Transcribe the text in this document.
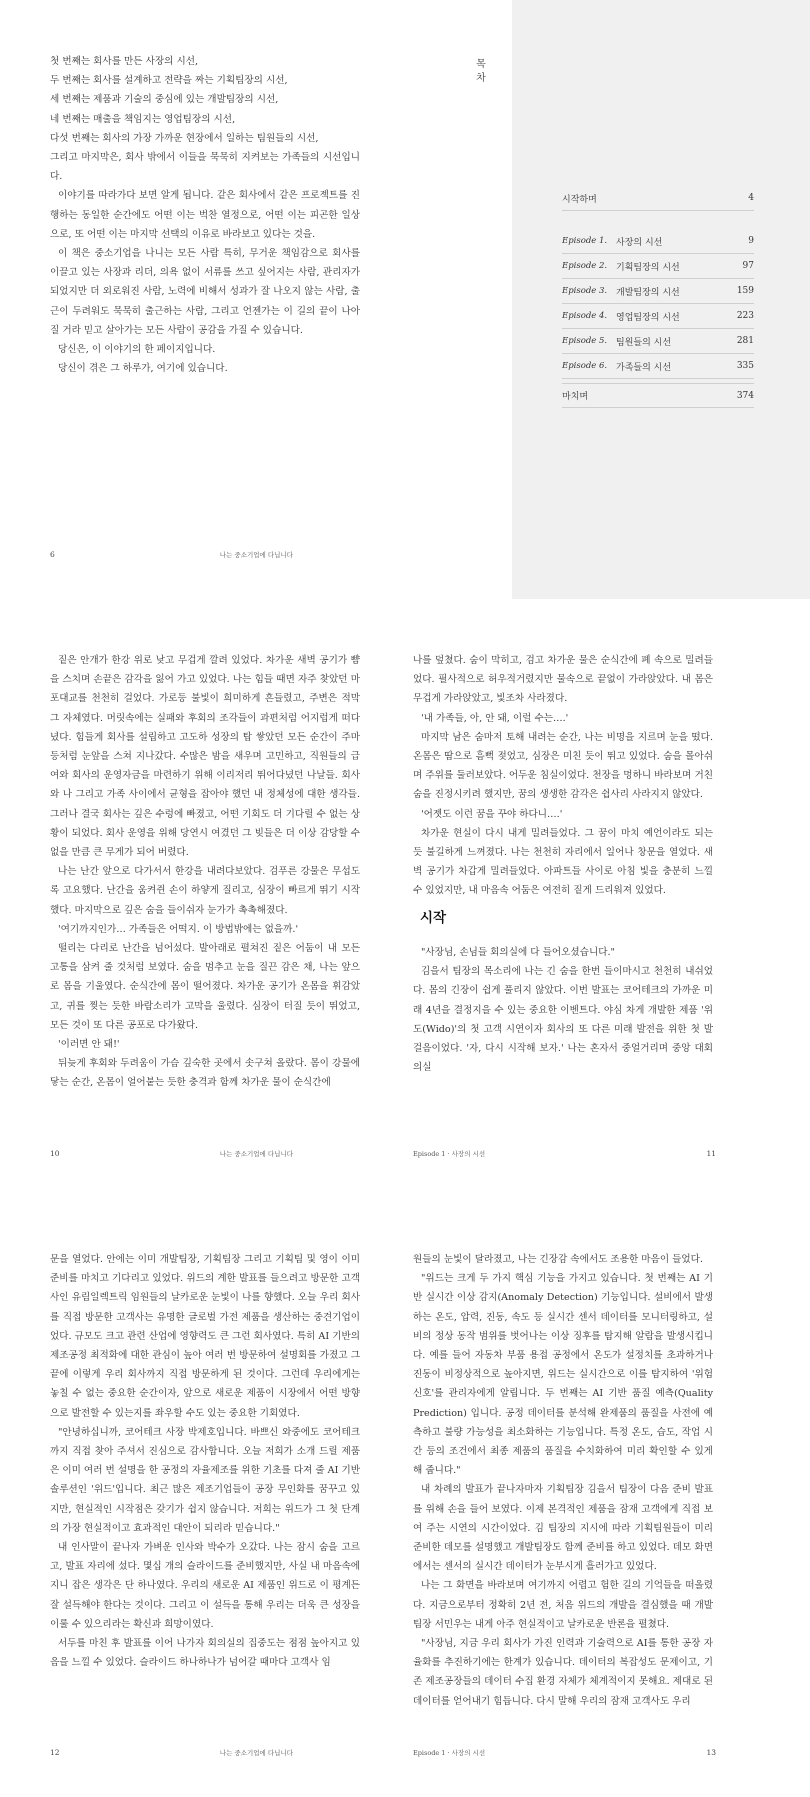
첫 번째는 회사를 만든 사장의 시선,

두 번째는 회사를 설계하고 전략을 짜는 기획팀장의 시선,

세 번째는 제품과 기술의 중심에 있는 개발팀장의 시선,

네 번째는 매출을 책임지는 영업팀장의 시선,

다섯 번째는 회사의 가장 가까운 현장에서 일하는 팀원들의 시선,

그리고 마지막은, 회사 밖에서 이들을 묵묵히 지켜보는 가족들의 시선입니다.

이야기를 따라가다 보면 알게 됩니다. 같은 회사에서 같은 프로젝트를 진행하는 동일한 순간에도 어떤 이는 벅찬 열정으로, 어떤 이는 피곤한 일상으로, 또 어떤 이는 마지막 선택의 이유로 바라보고 있다는 것을.

이 책은 중소기업을 나니는 모든 사람 특히, 무거운 책임감으로 회사를 이끌고 있는 사장과 리더, 의욕 없이 서류를 쓰고 싶어지는 사람, 관리자가 되었지만 더 외로워진 사람, 노력에 비해서 성과가 잘 나오지 않는 사람, 출근이 두려워도 묵묵히 출근하는 사람, 그리고 언젠가는 이 길의 끝이 나아질 거라 믿고 살아가는 모든 사람이 공감을 가질 수 있습니다.

당신은, 이 이야기의 한 페이지입니다.

당신이 겪은 그 하루가, 여기에 있습니다.

6	나는 중소기업에 다닙니다
목
차
시작하며	4
Episode 1. 사장의 시선	9
Episode 2. 기획팀장의 시선	97
Episode 3. 개발팀장의 시선	159
Episode 4. 영업팀장의 시선	223
Episode 5. 팀원들의 시선	281
Episode 6. 가족들의 시선	335
마치며	374

짙은 안개가 한강 위로 낮고 무겁게 깔려 있었다. 차가운 새벽 공기가 뺨을 스치며 손끝은 감각을 잃어 가고 있었다. 나는 힘들 때면 자주 찾았던 마포대교를 천천히 걸었다. 가로등 불빛이 희미하게 흔들렸고, 주변은 적막 그 자체였다. 머릿속에는 실패와 후회의 조각들이 과편처럼 어지럽게 떠다녔다. 힘들게 회사를 설립하고 고도하 성장의 탑 쌓았던 모든 순간이 주마등처럼 눈앞을 스쳐 지나갔다. 수많은 밤을 새우며 고민하고, 직원들의 급여와 회사의 운영자금을 마련하기 위해 이리저리 뛰어다녔던 나날들. 회사와 나 그리고 가족 사이에서 균형을 잡아야 했던 내 정체성에 대한 생각들. 그러나 결국 회사는 깊은 수렁에 빠졌고, 어떤 기회도 더 기다릴 수 없는 상황이 되었다. 회사 운영을 위해 당연시 여겼던 그 빚들은 더 이상 감당할 수 없을 만큼 큰 무게가 되어 버렸다.

나는 난간 앞으로 다가서서 한강을 내려다보았다. 검푸른 강물은 무섭도록 고요했다. 난간을 움켜쥔 손이 하얗게 질리고, 심장이 빠르게 뛰기 시작했다. 마지막으로 깊은 숨을 들이쉬자 눈가가 촉촉해졌다.

'여기까지인가… 가족들은 어떡지. 이 방법밖에는 없을까.'

떨리는 다리로 난간을 넘어섰다. 발아래로 펼쳐진 짙은 어둠이 내 모든 고통을 삼켜 줄 것처럼 보였다. 숨을 멈추고 눈을 질끈 감은 채, 나는 앞으로 몸을 기울였다. 순식간에 몸이 떨어졌다. 차가운 공기가 온몸을 휘감았고, 귀를 찢는 듯한 바람소리가 고막을 울렸다. 심장이 터질 듯이 뛰었고, 모든 것이 또 다른 공포로 다가왔다.

'이러면 안 돼!'

뒤늦게 후회와 두려움이 가슴 깊숙한 곳에서 솟구쳐 올랐다. 몸이 강물에 닿는 순간, 온몸이 얼어붙는 듯한 충격과 함께 차가운 물이 순식간에

10	나는 중소기업에 다닙니다

나를 덮쳤다. 숨이 막히고, 검고 차가운 물은 순식간에 폐 속으로 밀려들었다. 필사적으로 허우적거렸지만 물속으로 끝없이 가라앉았다. 내 몸은 무겁게 가라앉았고, 빛조차 사라졌다.

'내 가족들, 아, 안 돼, 이럴 수는….'

마지막 남은 숨마저 토해 내려는 순간, 나는 비명을 지르며 눈을 떴다. 온몸은 땀으로 흠뻑 젖었고, 심장은 미친 듯이 뛰고 있었다. 숨을 몰아쉬며 주위를 둘러보았다. 어두운 침실이었다. 천장을 멍하니 바라보며 거친 숨을 진정시키려 했지만, 꿈의 생생한 감각은 쉽사리 사라지지 않았다.

'어젯도 이런 꿈을 꾸야 하다니….'

차가운 현실이 다시 내게 밀려들었다. 그 꿈이 마치 예언이라도 되는 듯 불길하게 느껴졌다. 나는 천천히 자리에서 일어나 창문을 열었다. 새벽 공기가 차갑게 밀려들었다. 아파트들 사이로 아침 빛을 충분히 느낄 수 있었지만, 내 마음속 어둠은 여전히 짙게 드리워져 있었다.

11
Episode 1 · 사장의 시선
시작

"사장님, 손님들 회의실에 다 들어오셨습니다."

김을서 팀장의 목소리에 나는 긴 숨을 한번 들이마시고 천천히 내쉬었다. 몸의 긴장이 쉽게 풀리지 않았다. 이번 발표는 코어테크의 가까운 미래 4년을 결정지을 수 있는 중요한 이벤트다. 야심 차게 개발한 제품 '위도(Wido)'의 첫 고객 시연이자 회사의 또 다른 미래 발전을 위한 첫 발걸음이었다. '자, 다시 시작해 보자.' 나는 혼자서 중얼거리며 중앙 대회의실

문을 열었다. 안에는 이미 개발팀장, 기획팀장 그리고 기획팀 및 영이 이미 준비를 마치고 기다리고 있었다. 위드의 계한 발표를 들으려고 방문한 고객사인 유림일렉트릭 임원들의 날카로운 눈빛이 나를 향했다. 오늘 우리 회사를 직접 방문한 고객사는 유명한 글로벌 가전 제품을 생산하는 중견기업이었다. 규모도 크고 관련 산업에 영향력도 큰 그런 회사였다. 특히 AI 기반의 제조공정 최적화에 대한 관심이 높아 여러 번 방문하여 설명회를 가졌고 그 끝에 이렇게 우리 회사까지 직접 방문하게 된 것이다. 그런데 우리에게는 놓칠 수 없는 중요한 순간이자, 앞으로 새로운 제품이 시장에서 어떤 방향으로 발전할 수 있는지를 좌우할 수도 있는 중요한 기회였다.

"안녕하십니까, 코어테크 사장 박제호입니다. 바쁘신 와중에도 코어테크까지 직접 찾아 주셔서 진심으로 감사합니다. 오늘 저희가 소개 드릴 제품은 이미 여러 번 설명을 한 공정의 자율제조를 위한 기초를 다져 줄 AI 기반 솔루션인 '위드'입니다. 최근 많은 제조기업들이 공장 무인화를 꿈꾸고 있지만, 현실적인 시작점은 갖기가 쉽지 않습니다. 저희는 위드가 그 첫 단계의 가장 현실적이고 효과적인 대안이 되리라 믿습니다."

내 인사말이 끝나자 가벼운 인사와 박수가 오갔다. 나는 잠시 숨을 고르고, 발표 자리에 섰다. 몇십 개의 슬라이드를 준비했지만, 사실 내 마음속에 지니 잡은 생각은 단 하나였다. 우리의 새로운 AI 제품인 위드로 이 평계든 잘 설득해야 한다는 것이다. 그리고 이 설득을 통해 우리는 더욱 큰 성장을 이룰 수 있으리라는 확신과 희망이였다.

서두를 마친 후 발표를 이어 나가자 회의실의 집중도는 점점 높아지고 있음을 느낄 수 있었다. 슬라이드 하나하나가 넘어갈 때마다 고객사 임

12	나는 중소기업에 다닙니다

원들의 눈빛이 달라졌고, 나는 긴장감 속에서도 조용한 마음이 들었다.

"위드는 크게 두 가지 핵심 기능을 가지고 있습니다. 첫 번째는 AI 기반 실시간 이상 감지(Anomaly Detection) 기능입니다. 설비에서 발생하는 온도, 압력, 진동, 속도 등 실시간 센서 데이터를 모니터링하고, 설비의 정상 동작 범위를 벗어나는 이상 징후를 탐지해 알람을 발생시킵니다. 예를 들어 자동차 부품 용접 공정에서 온도가 설정치를 초과하거나 진동이 비정상적으로 높아지면, 위드는 실시간으로 이를 탐지하여 '위험 신호'를 관리자에게 알립니다. 두 번째는 AI 기반 품질 예측(Quality Prediction) 입니다. 공정 데이터를 분석해 완제품의 품질을 사전에 예측하고 불량 가능성을 최소화하는 기능입니다. 특정 온도, 습도, 작업 시간 등의 조건에서 최종 제품의 품질을 수치화하여 미리 확인할 수 있게 해 줍니다."

내 차례의 발표가 끝나자마자 기획팀장 김을서 팀장이 다음 준비 발표를 위해 손을 들어 보였다. 이제 본격적인 제품을 잠재 고객에게 직접 보여 주는 시연의 시간이었다. 김 팀장의 지시에 따라 기획팀원들이 미리 준비한 데모를 설명했고 개발팀장도 함께 준비를 하고 있었다. 데모 화면에서는 센서의 실시간 데이터가 눈부시게 흘러가고 있었다.

나는 그 화면을 바라보며 여기까지 어렵고 험한 길의 기억들을 떠올렸다. 지금으로부터 정확히 2년 전, 처음 위드의 개발을 결심했을 때 개발팀장 서민우는 내게 아주 현실적이고 날카로운 반론을 펼쳤다.

"사장님, 지금 우리 회사가 가진 인력과 기술력으로 AI를 통한 공장 자율화를 추진하기에는 한계가 있습니다. 데이터의 복잡성도 문제이고, 기존 제조공장들의 데이터 수집 환경 자체가 체계적이지 못해요. 제대로 된 데이터를 얻어내기 힘듭니다. 다시 말해 우리의 잠재 고객사도 우리

13
Episode 1 · 사장의 시선
